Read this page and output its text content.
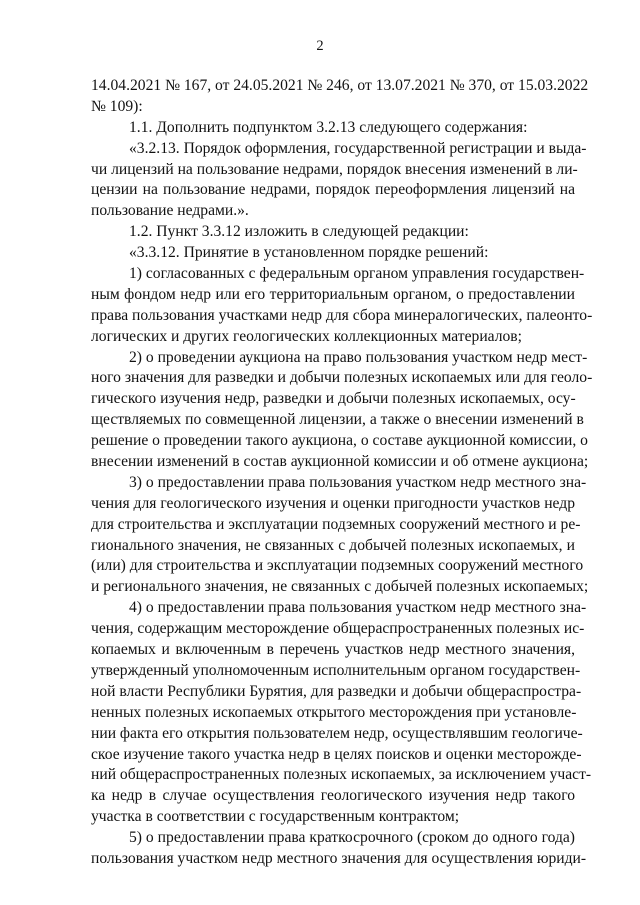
2
14.04.2021 № 167, от 24.05.2021 № 246, от 13.07.2021 № 370, от 15.03.2022
№ 109):
1.1. Дополнить подпунктом 3.2.13 следующего содержания:
«3.2.13. Порядок оформления, государственной регистрации и выда-
чи лицензий на пользование недрами, порядок внесения изменений в ли-
цензии на пользование недрами, порядок переоформления лицензий на
пользование недрами.».
1.2. Пункт 3.3.12 изложить в следующей редакции:
«3.3.12. Принятие в установленном порядке решений:
1) согласованных с федеральным органом управления государствен-
ным фондом недр или его территориальным органом, о предоставлении
права пользования участками недр для сбора минералогических, палеонто-
логических и других геологических коллекционных материалов;
2) о проведении аукциона на право пользования участком недр мест-
ного значения для разведки и добычи полезных ископаемых или для геоло-
гического изучения недр, разведки и добычи полезных ископаемых, осу-
ществляемых по совмещенной лицензии, а также о внесении изменений в
решение о проведении такого аукциона, о составе аукционной комиссии, о
внесении изменений в состав аукционной комиссии и об отмене аукциона;
3) о предоставлении права пользования участком недр местного зна-
чения для геологического изучения и оценки пригодности участков недр
для строительства и эксплуатации подземных сооружений местного и ре-
гионального значения, не связанных с добычей полезных ископаемых, и
(или) для строительства и эксплуатации подземных сооружений местного
и регионального значения, не связанных с добычей полезных ископаемых;
4) о предоставлении права пользования участком недр местного зна-
чения, содержащим месторождение общераспространенных полезных ис-
копаемых и включенным в перечень участков недр местного значения,
утвержденный уполномоченным исполнительным органом государствен-
ной власти Республики Бурятия, для разведки и добычи общераспростра-
ненных полезных ископаемых открытого месторождения при установле-
нии факта его открытия пользователем недр, осуществлявшим геологиче-
ское изучение такого участка недр в целях поисков и оценки месторожде-
ний общераспространенных полезных ископаемых, за исключением участ-
ка недр в случае осуществления геологического изучения недр такого
участка в соответствии с государственным контрактом;
5) о предоставлении права краткосрочного (сроком до одного года)
пользования участком недр местного значения для осуществления юриди-
